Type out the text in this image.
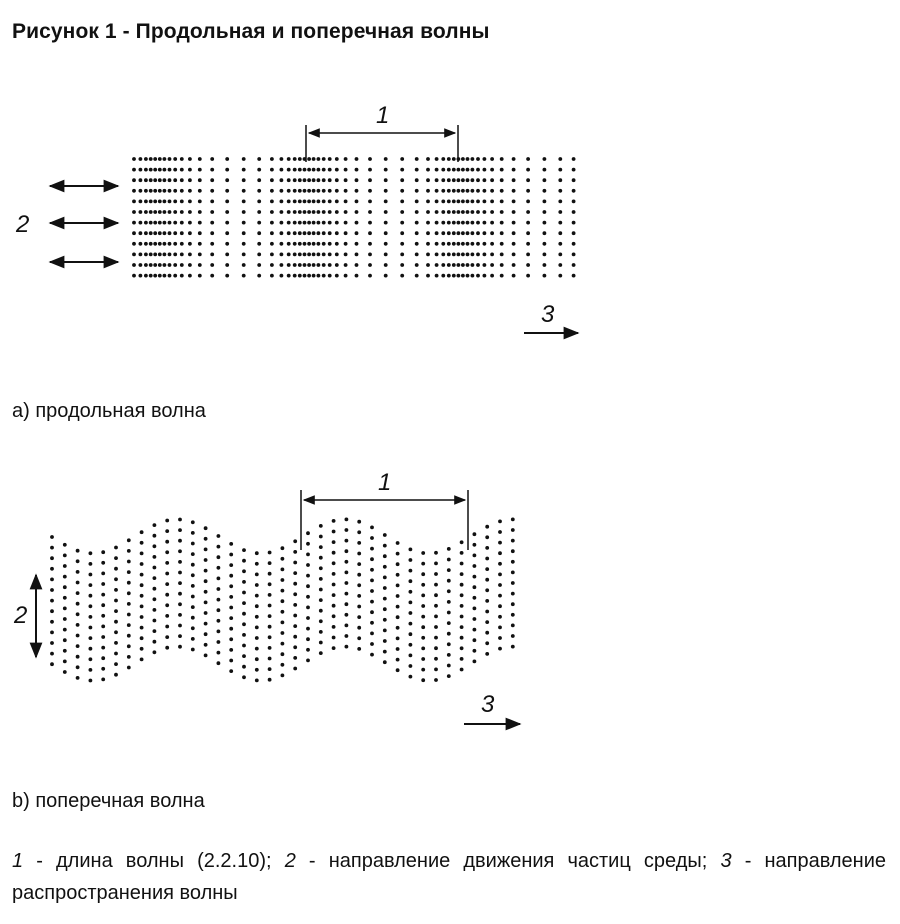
Рисунок 1 - Продольная и поперечная волны
1
2
3
а) продольная волна
1
2
3
b) поперечная волна
1 - длина волны (2.2.10); 2 - направление движения частиц среды; 3 - направление распространения волны
